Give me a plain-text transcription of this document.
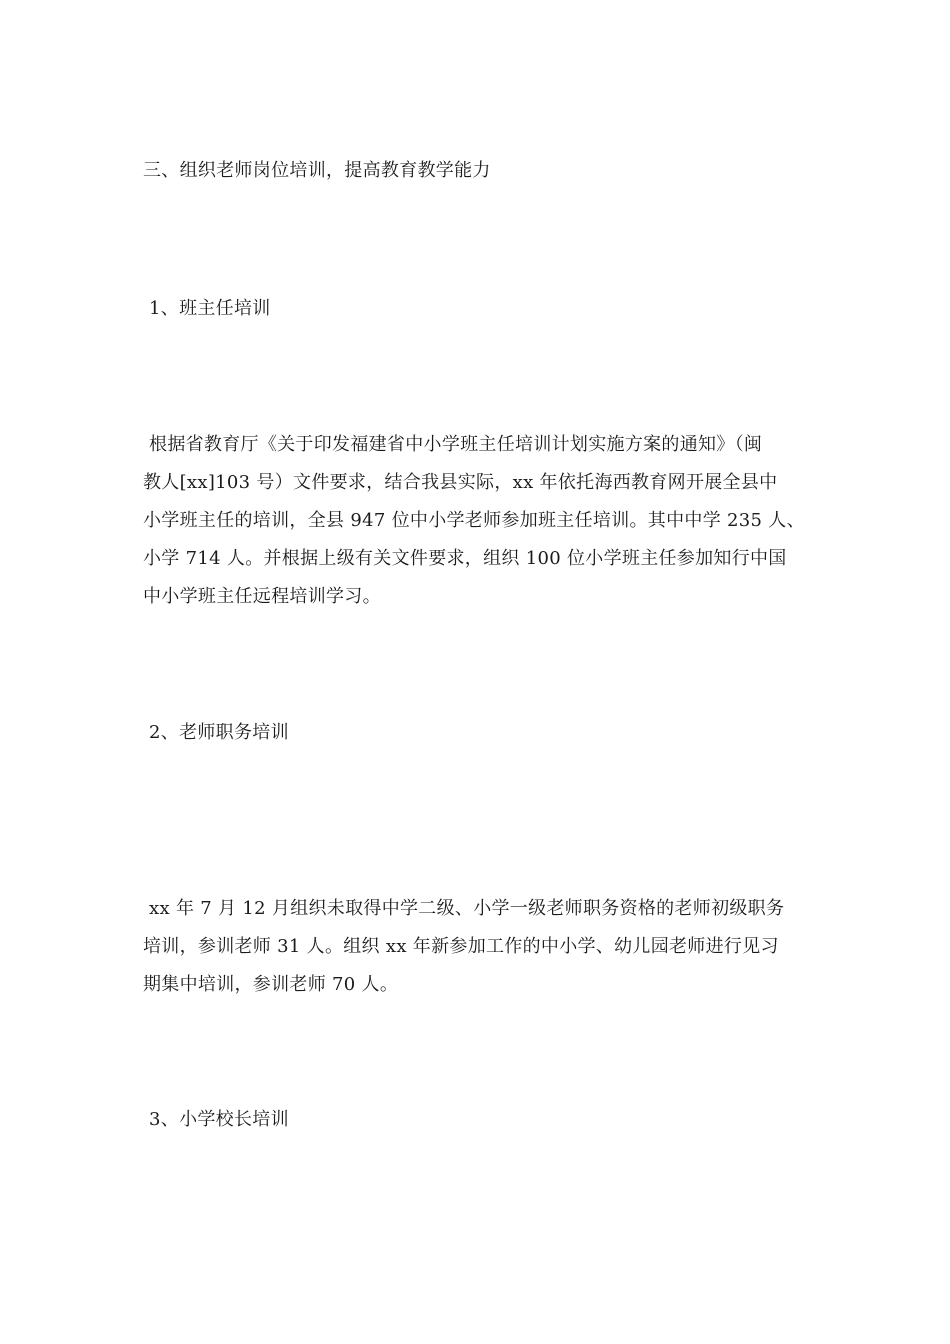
三、组织老师岗位培训，提高教育教学能力
1、班主任培训

根据省教育厅《关于印发福建省中小学班主任培训计划实施方案的通知》（闽

教人[xx]103 号）文件要求，结合我县实际，xx 年依托海西教育网开展全县中

小学班主任的培训，全县 947 位中小学老师参加班主任培训。其中中学 235 人、

小学 714 人。并根据上级有关文件要求，组织 100 位小学班主任参加知行中国

中小学班主任远程培训学习。

2、老师职务培训

xx 年 7 月 12 月组织未取得中学二级、小学一级老师职务资格的老师初级职务

培训，参训老师 31 人。组织 xx 年新参加工作的中小学、幼儿园老师进行见习

期集中培训，参训老师 70 人。

3、小学校长培训
